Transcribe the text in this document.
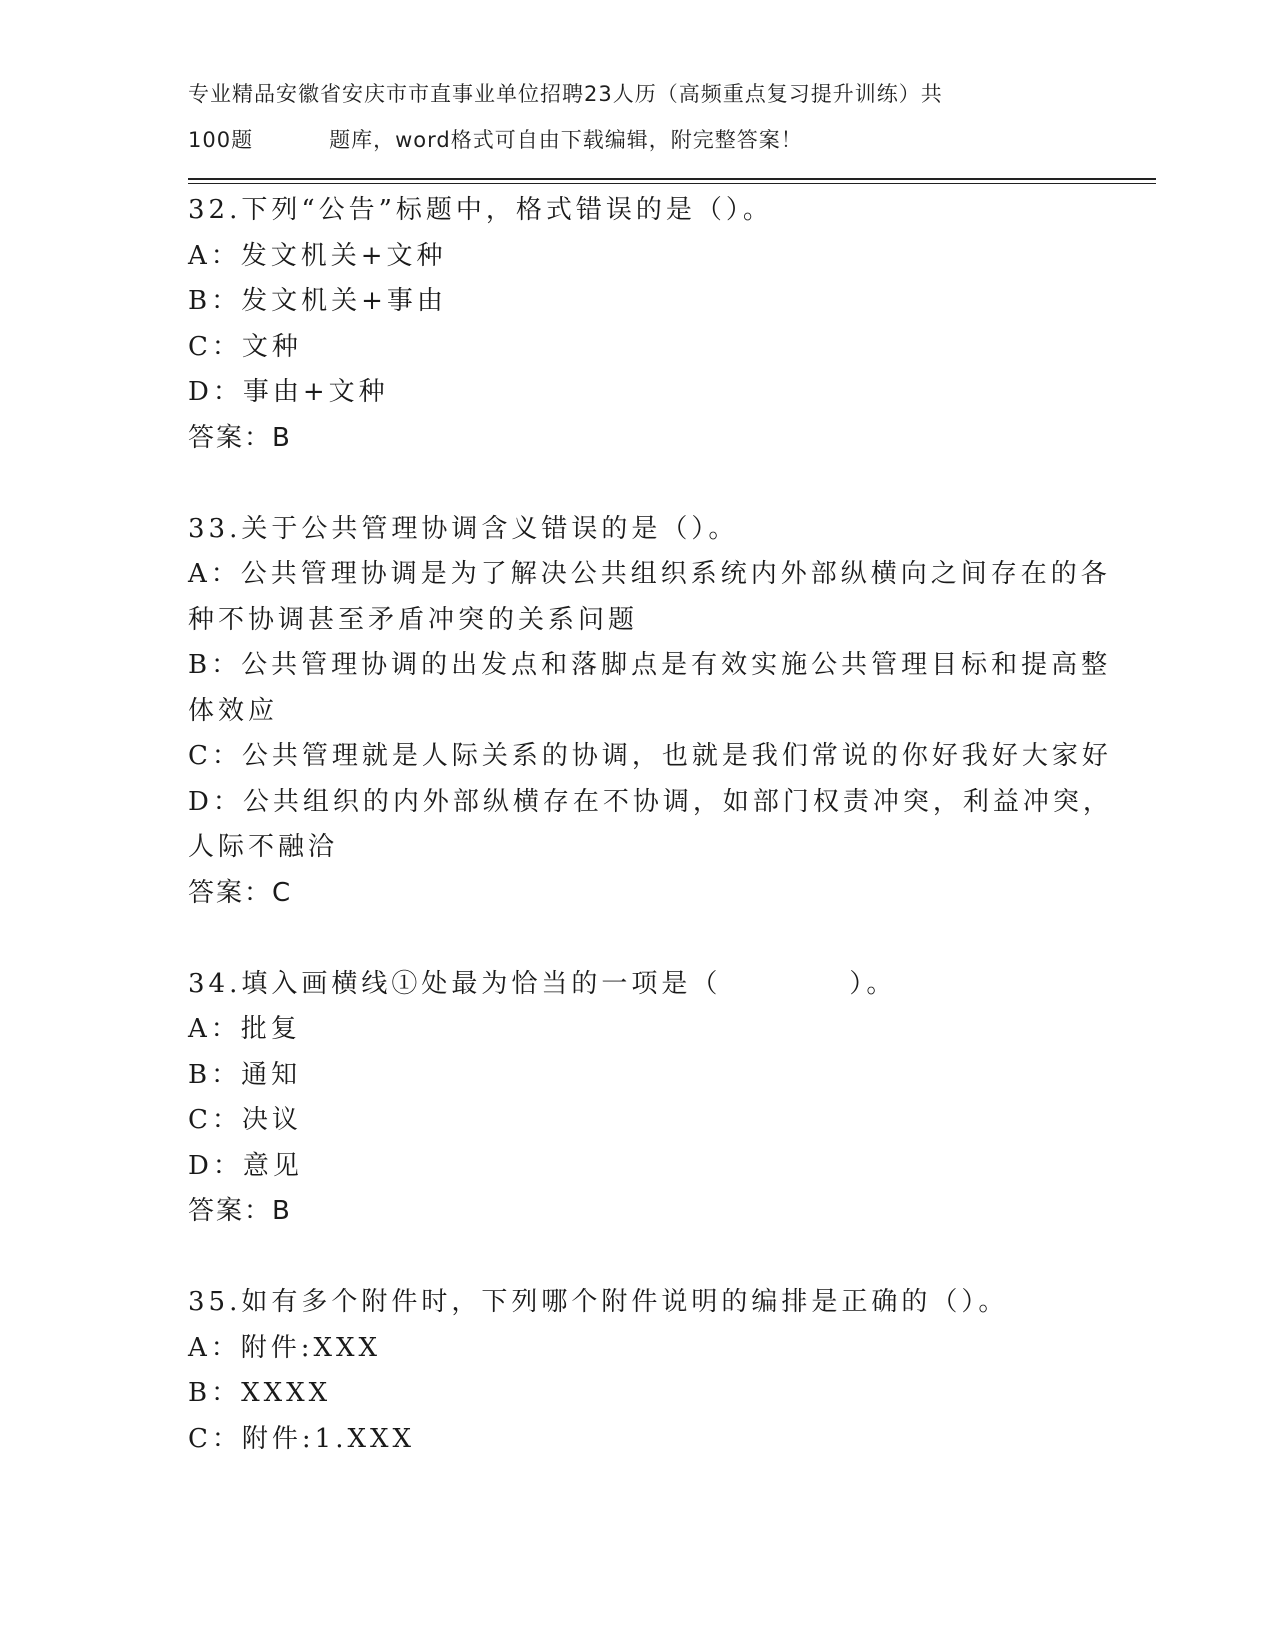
专业精品安徽省安庆市市直事业单位招聘23人历（高频重点复习提升训练）共
100题	题库，word格式可自由下载编辑，附完整答案！
32.下列“公告”标题中，格式错误的是（）。
A：发文机关+文种
B：发文机关+事由
C：文种
D：事由+文种
答案：B
33.关于公共管理协调含义错误的是（）。
A：公共管理协调是为了解决公共组织系统内外部纵横向之间存在的各
种不协调甚至矛盾冲突的关系问题
B：公共管理协调的出发点和落脚点是有效实施公共管理目标和提高整
体效应
C：公共管理就是人际关系的协调，也就是我们常说的你好我好大家好
D：公共组织的内外部纵横存在不协调，如部门权责冲突，利益冲突，
人际不融洽
答案：C
34.填入画横线①处最为恰当的一项是（	）。
A：批复
B：通知
C：决议
D：意见
答案：B
35.如有多个附件时，下列哪个附件说明的编排是正确的（）。
A：附件:XXX
B：XXXX
C：附件:1.XXX
